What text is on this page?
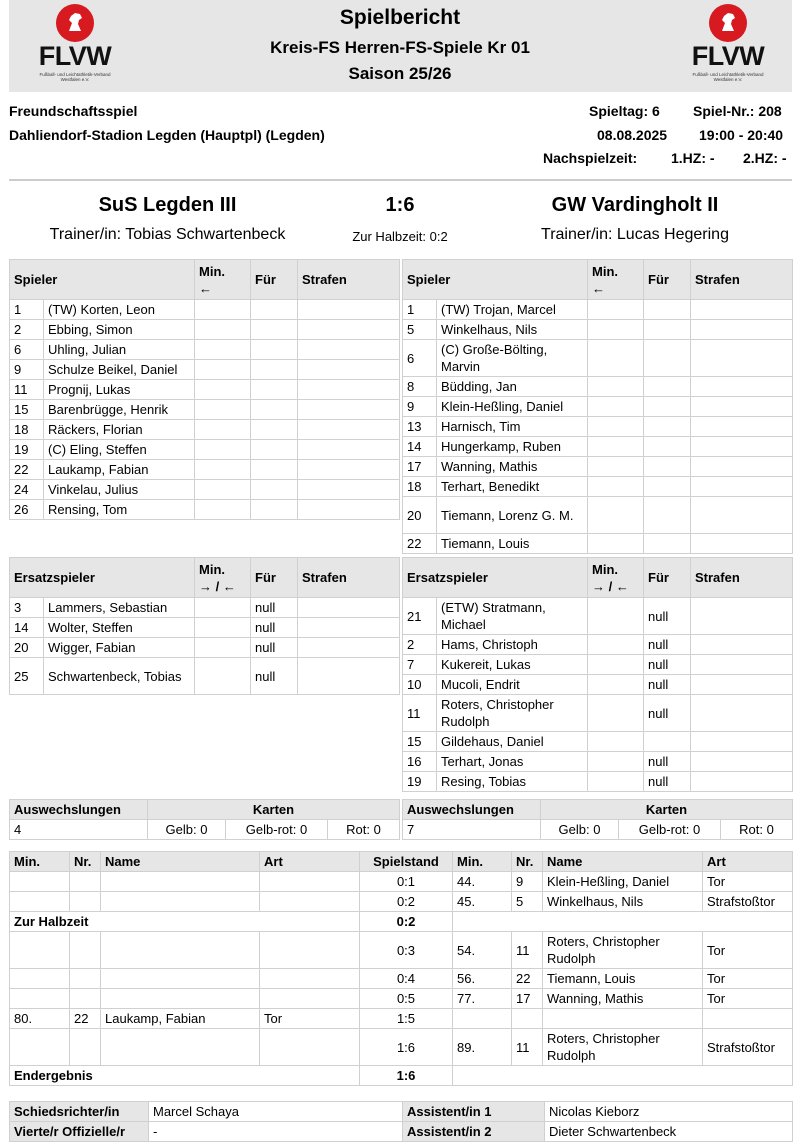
FLVW
Fußball- und Leichtathletik-Verband Westfalen e.V.
FLVW
Fußball- und Leichtathletik-Verband Westfalen e.V.
Spielbericht
Kreis-FS Herren-FS-Spiele Kr 01
Saison 25/26
Freundschaftsspiel
Dahliendorf-Stadion Legden (Hauptpl) (Legden)
Spieltag: 6 Spiel-Nr.: 208
08.08.2025 19:00 - 20:40
Nachspielzeit: 1.HZ: - 2.HZ: -
SuS Legden III	1:6	GW Vardingholt II
Trainer/in: Tobias Schwartenbeck	Zur Halbzeit: 0:2	Trainer/in: Lucas Hegering
Spieler		Min.
←	Für	Strafen
1	(TW) Korten, Leon			
2	Ebbing, Simon			
6	Uhling, Julian			
9	Schulze Beikel, Daniel			
11	Prognij, Lukas			
15	Barenbrügge, Henrik			
18	Räckers, Florian			
19	(C) Eling, Steffen			
22	Laukamp, Fabian			
24	Vinkelau, Julius			
26	Rensing, Tom			
Spieler		Min.
←	Für	Strafen
1	(TW) Trojan, Marcel			
5	Winkelhaus, Nils			
6	(C) Große-Bölting, Marvin			
8	Büdding, Jan			
9	Klein-Heßling, Daniel			
13	Harnisch, Tim			
14	Hungerkamp, Ruben			
17	Wanning, Mathis			
18	Terhart, Benedikt			
20	Tiemann, Lorenz G. M.			
22	Tiemann, Louis			
Ersatzspieler		Min.
→ / ←	Für	Strafen
3	Lammers, Sebastian		null	
14	Wolter, Steffen		null	
20	Wigger, Fabian		null	
25	Schwartenbeck, Tobias		null	
Ersatzspieler		Min.
→ / ←	Für	Strafen
21	(ETW) Stratmann, Michael		null	
2	Hams, Christoph		null	
7	Kukereit, Lukas		null	
10	Mucoli, Endrit		null	
11	Roters, Christopher Rudolph		null	
15	Gildehaus, Daniel			
16	Terhart, Jonas		null	
19	Resing, Tobias		null	
Auswechslungen	Karten		
4	Gelb: 0	Gelb-rot: 0	Rot: 0
Auswechslungen	Karten		
7	Gelb: 0	Gelb-rot: 0	Rot: 0
Min.	Nr.	Name	Art	Spielstand	Min.	Nr.	Name	Art
				0:1	44.	9	Klein-Heßling, Daniel	Tor
				0:2	45.	5	Winkelhaus, Nils	Strafstoßtor
Zur Halbzeit				0:2				
				0:3	54.	11	Roters, Christopher Rudolph	Tor
				0:4	56.	22	Tiemann, Louis	Tor
				0:5	77.	17	Wanning, Mathis	Tor
80.	22	Laukamp, Fabian	Tor	1:5				
				1:6	89.	11	Roters, Christopher Rudolph	Strafstoßtor
Endergebnis				1:6				
Schiedsrichter/in	Marcel Schaya	Assistent/in 1	Nicolas Kieborz
Vierte/r Offizielle/r	-	Assistent/in 2	Dieter Schwartenbeck
